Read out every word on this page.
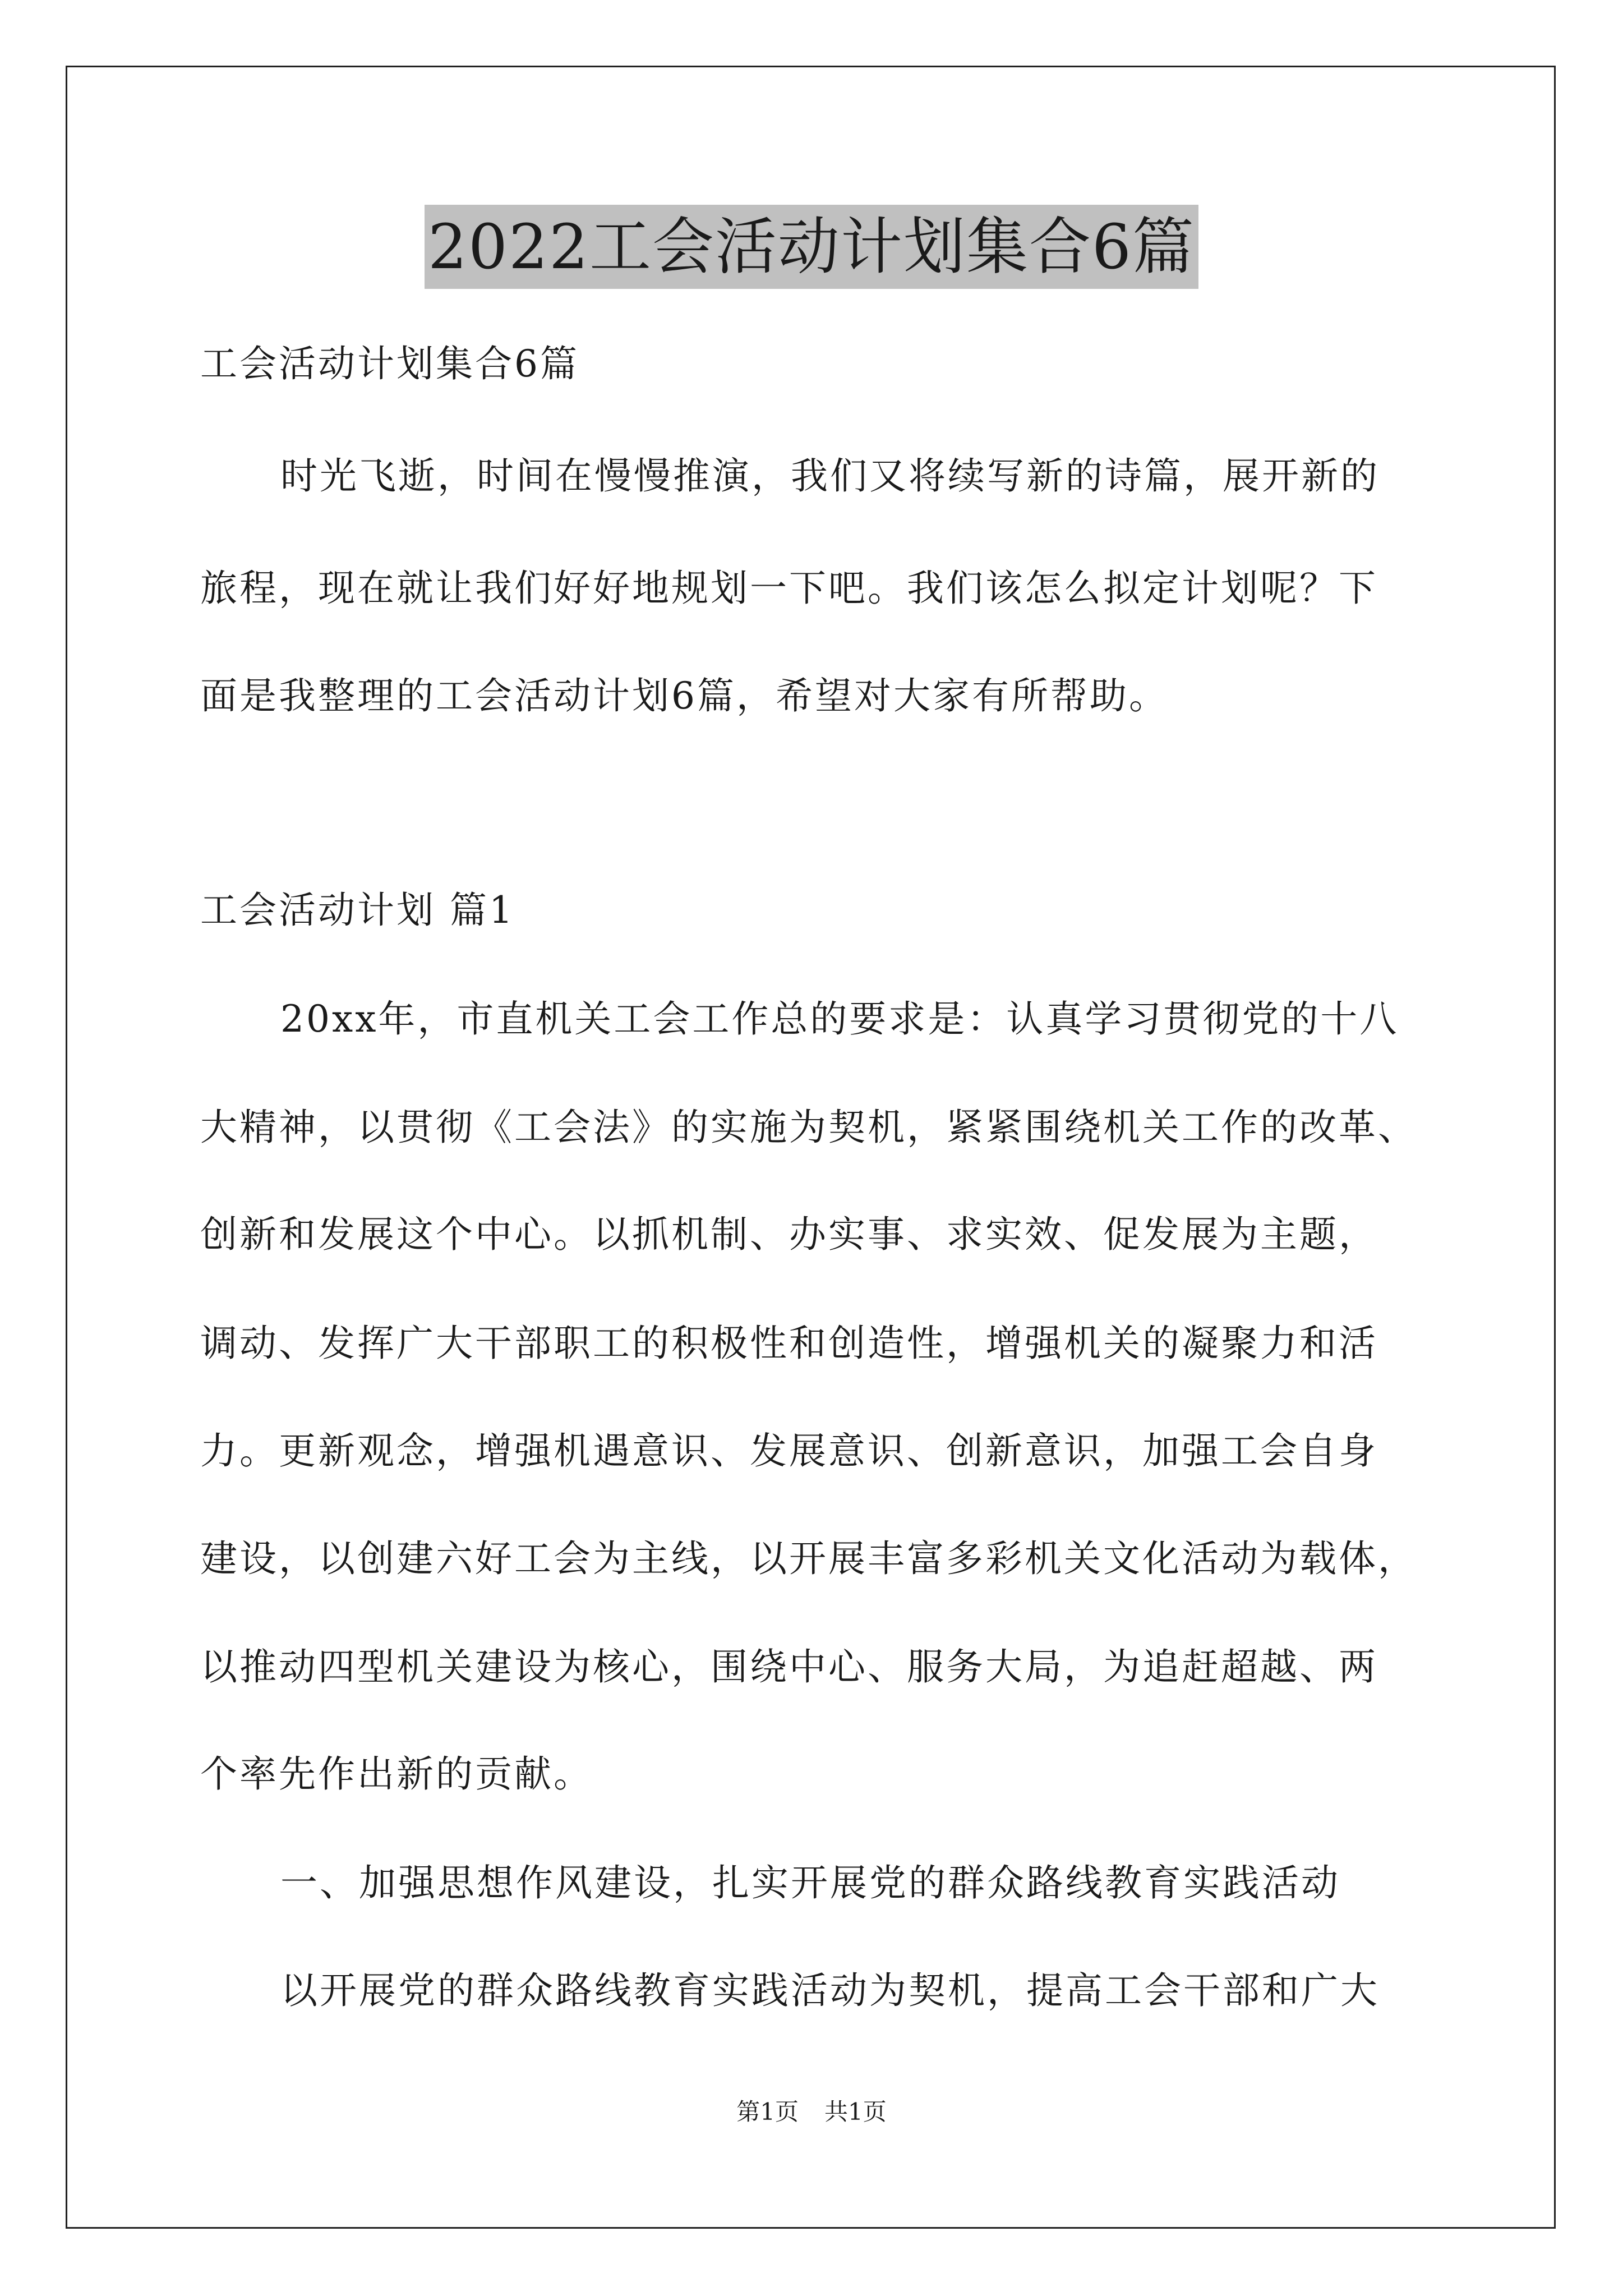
2022工会活动计划集合6篇
工会活动计划集合6篇
时光飞逝，时间在慢慢推演，我们又将续写新的诗篇，展开新的
旅程，现在就让我们好好地规划一下吧。我们该怎么拟定计划呢？下
面是我整理的工会活动计划6篇，希望对大家有所帮助。
工会活动计划 篇1
20xx年，市直机关工会工作总的要求是：认真学习贯彻党的十八
大精神，以贯彻《工会法》的实施为契机，紧紧围绕机关工作的改革、
创新和发展这个中心。以抓机制、办实事、求实效、促发展为主题，
调动、发挥广大干部职工的积极性和创造性，增强机关的凝聚力和活
力。更新观念，增强机遇意识、发展意识、创新意识，加强工会自身
建设，以创建六好工会为主线，以开展丰富多彩机关文化活动为载体，
以推动四型机关建设为核心，围绕中心、服务大局，为追赶超越、两
个率先作出新的贡献。
一、加强思想作风建设，扎实开展党的群众路线教育实践活动
以开展党的群众路线教育实践活动为契机，提高工会干部和广大
第1页 共1页
